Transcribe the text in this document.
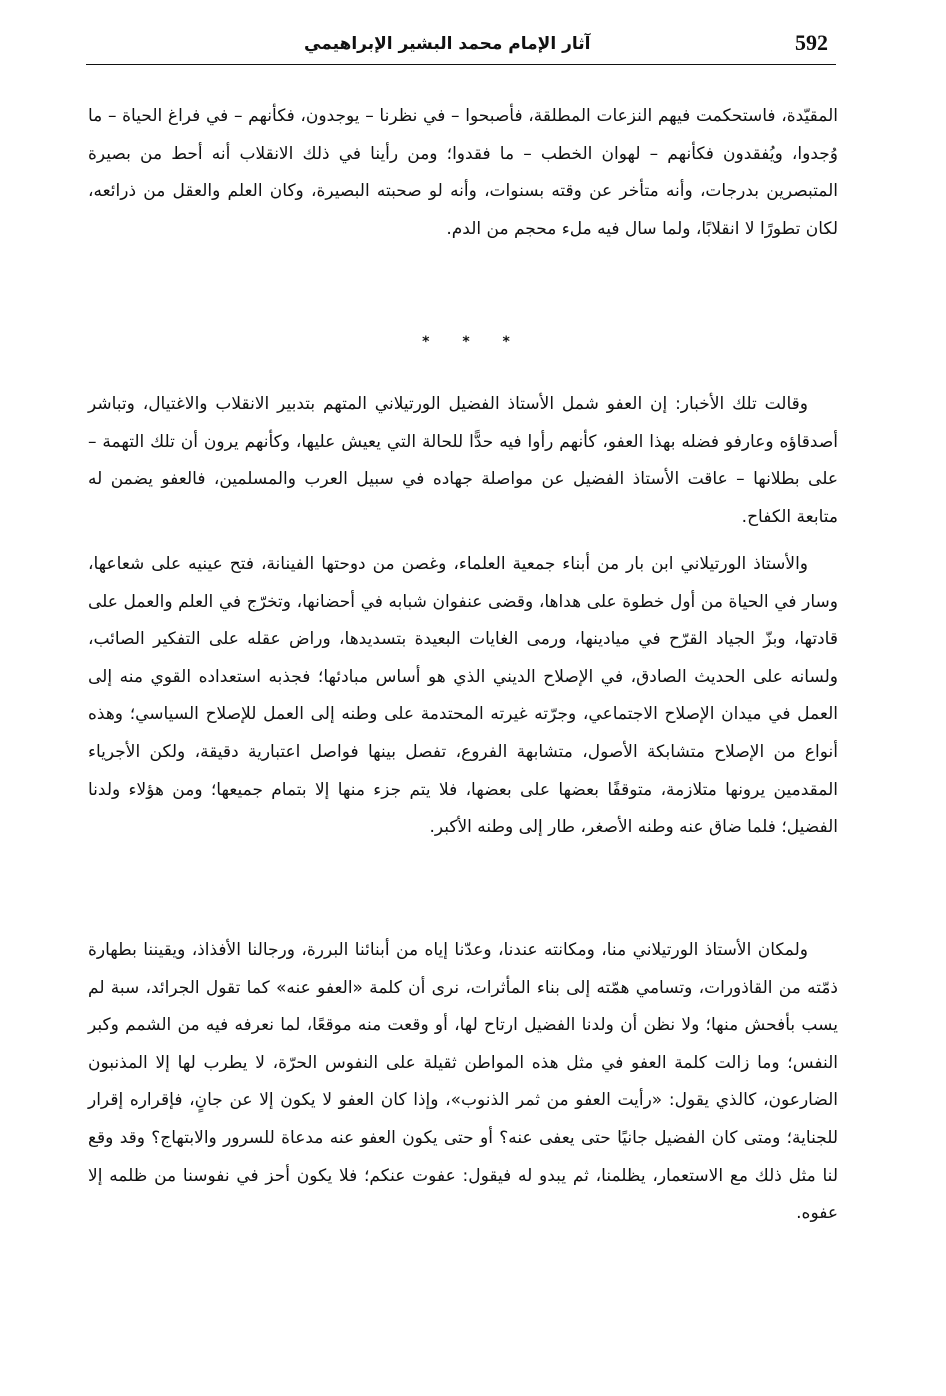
592
آثار الإمام محمد البشير الإبراهيمي

المقيّدة، فاستحكمت فيهم النزعات المطلقة، فأصبحوا – في نظرنا – يوجدون، فكأنهم – في فراغ الحياة – ما وُجدوا، ويُفقدون فكأنهم – لهوان الخطب – ما فقدوا؛ ومن رأينا في ذلك الانقلاب أنه أحط من بصيرة المتبصرين بدرجات، وأنه متأخر عن وقته بسنوات، وأنه لو صحبته البصيرة، وكان العلم والعقل من ذرائعه، لكان تطورًا لا انقلابًا، ولما سال فيه ملء محجم من الدم.

* * *

وقالت تلك الأخبار: إن العفو شمل الأستاذ الفضيل الورتيلاني المتهم بتدبير الانقلاب والاغتيال، وتباشر أصدقاؤه وعارفو فضله بهذا العفو، كأنهم رأوا فيه حدًّا للحالة التي يعيش عليها، وكأنهم يرون أن تلك التهمة – على بطلانها – عاقت الأستاذ الفضيل عن مواصلة جهاده في سبيل العرب والمسلمين، فالعفو يضمن له متابعة الكفاح.

والأستاذ الورتيلاني ابن بار من أبناء جمعية العلماء، وغصن من دوحتها الفينانة، فتح عينيه على شعاعها، وسار في الحياة من أول خطوة على هداها، وقضى عنفوان شبابه في أحضانها، وتخرّج في العلم والعمل على قادتها، وبزّ الجياد القرّح في ميادينها، ورمى الغايات البعيدة بتسديدها، وراض عقله على التفكير الصائب، ولسانه على الحديث الصادق، في الإصلاح الديني الذي هو أساس مبادئها؛ فجذبه استعداده القوي منه إلى العمل في ميدان الإصلاح الاجتماعي، وجرّته غيرته المحتدمة على وطنه إلى العمل للإصلاح السياسي؛ وهذه أنواع من الإصلاح متشابكة الأصول، متشابهة الفروع، تفصل بينها فواصل اعتبارية دقيقة، ولكن الأجرياء المقدمين يرونها متلازمة، متوقفًا بعضها على بعضها، فلا يتم جزء منها إلا بتمام جميعها؛ ومن هؤلاء ولدنا الفضيل؛ فلما ضاق عنه وطنه الأصغر، طار إلى وطنه الأكبر.

ولمكان الأستاذ الورتيلاني منا، ومكانته عندنا، وعدّنا إياه من أبنائنا البررة، ورجالنا الأفذاذ، ويقيننا بطهارة ذمّته من القاذورات، وتسامي همّته إلى بناء المأثرات، نرى أن كلمة «العفو عنه» كما تقول الجرائد، سبة لم يسب بأفحش منها؛ ولا نظن أن ولدنا الفضيل ارتاح لها، أو وقعت منه موقعًا، لما نعرفه فيه من الشمم وكبر النفس؛ وما زالت كلمة العفو في مثل هذه المواطن ثقيلة على النفوس الحرّة، لا يطرب لها إلا المذنبون الضارعون، كالذي يقول: «رأيت العفو من ثمر الذنوب»، وإذا كان العفو لا يكون إلا عن جانٍ، فإقراره إقرار للجناية؛ ومتى كان الفضيل جانيًا حتى يعفى عنه؟ أو حتى يكون العفو عنه مدعاة للسرور والابتهاج؟ وقد وقع لنا مثل ذلك مع الاستعمار، يظلمنا، ثم يبدو له فيقول: عفوت عنكم؛ فلا يكون أحز في نفوسنا من ظلمه إلا عفوه.
